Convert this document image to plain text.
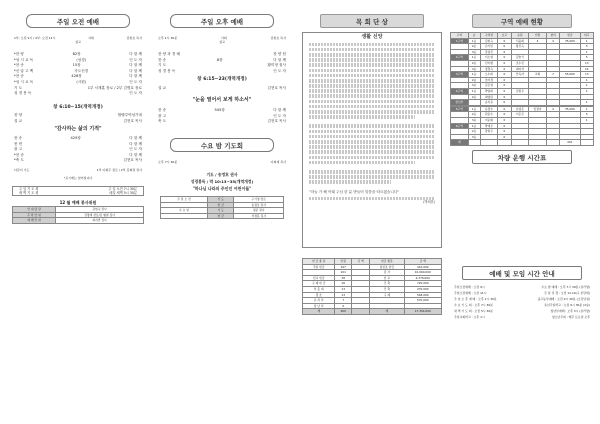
주일 오전 예배
1부: 오전 9시 / 2부: 오전 11시	사회	김현호 목사
설교
*찬 양	82장	다 함 께
*성 시 교 독	(성경)	인 도 자
*찬 송	15장	다 함 께
*신 앙 고 백	사도신경	다 함 께
*찬 송	426장	다 함 께
*성 시 교 독	(시편)	인 도 자
기 도	1부 서재훈 장로 / 2부 김병호 장로
성 경 봉 독	인 도 자
창 6:10~15(개역개정)
찬 양	할렐루야성가대
설 교	김현호 목사
"감사하는 삶의 기적"
찬 송	429장	다 함 께
봉 헌	다 함 께
광 고	인 도 자
*찬 송	다 함 께
*축 도	김현호 목사
다같이 기도	1부 이희주 장로 / 2부 김희정 권사
*표시에는 일어섭니다
주 일 기 도 회	주 일 오전 7시 30분
새 벽 기 도 회	매일 새벽 5시 30분
12 월 예배 봉사위원
안 내 담 당	김현숙 권사
주 차 안 내	김명대 장로/김 형철 집사
예 배 안 내	최지연 집사
주일 오후 예배
오후 1시 30분	사회	김현호 목사
설교
찬 양 과 경 배	찬 양 팀
찬 송	8장	다 함 께
기 도	황미정 집사
성 경 봉 독	인 도 자
창 6:15~23(개역개정)
설 교	김현호 목사
"눈을 열어서 보게 하소서"
찬 송	545장	다 함 께
광 고	인 도 자
축 도	김현호 목사
수요 밤 기도회
오후 7시 30분	이희재 목사
기도 / 송정호 권사
성경봉독 / 막 10:13~35(개역개정)
"하나님 나라의 주인인 어린이들"
주 일 오 전	기 도	구기영 장로
	헌 금	송정호 권사
수 요 일	기 도	정준 권사
	헌 금	서정훈 집사
목 회 단 상
생활 신앙
"하늘 가 해 아래 주님 한 분 받들어 말씀을 따르겠습니다"
(박희찬)
헌 금 종 류	인원	금 액	헌금 종류	금 액
주일 헌금	197		십일조 헌금	410,000
	101		감 사	10,060,000
선교 헌금	38		선 교	2,376,000
구 제 헌 금	16		건 축	720,000
부 흥 회	13		건 축	270,000
경 조	13		구 제	548,000
유 치 부	7			570,000
장 년 부	0			
계	400		계	17,354,000
구역 예배 현황
구역	순	구역장	보고	순원	인원	참석	헌금	비고
1구역	1순	김현숙	0	서윤희	4	4	35,000	1
	2순	손가빈	0	황진숙				5
	3순	강영진	0					1
2구역	1순	이소영	0	김슬기				5
	2순	신미향	0	조수진				13
	3순	정경숙	0	최미자				14
3구역	1순	오수희	0	안옥자	교회	7	55,000	13
	2순	조미경	0					1
	3순	김은영	0					1
4구역	1순	박영희	0	김현우				1
	2순	최영란	0					
청년부		송지유	0					1

5구역	1순	유정수	0	유영은	임정자	4	35,000	1
	2순	원용수	0	이은주				5
	3순	이순화	0					1
6구역	1순	박재우	0					
	2순	장현주	0					
	3순		0					
계							201	
차량 운행 시간표
예배 및 모임 시간 안내
주일오전예배 : 오전 9시	수요 밤 예배 : 오후 7시 30분 (유리방)
주일오전예배 : 오전 11시	주 일 성 경 : 오전 11:10(구 본당대)
주 일 오 후 예 배 : 오후 1시 30분	중고등부예배 : 오전 9시 30분 (소강당실)
수 요 기 도 회 : 오후 7시 30분	유년주일학교 : 오전 9시 30분 (2층)
새 벽 기 도 회 : 오전 5시 30분	청년부예배 : 오후 3시 (유리방)
주일교회학교 : 오후 1시	청소년주회 : 매주 토요일 오후
